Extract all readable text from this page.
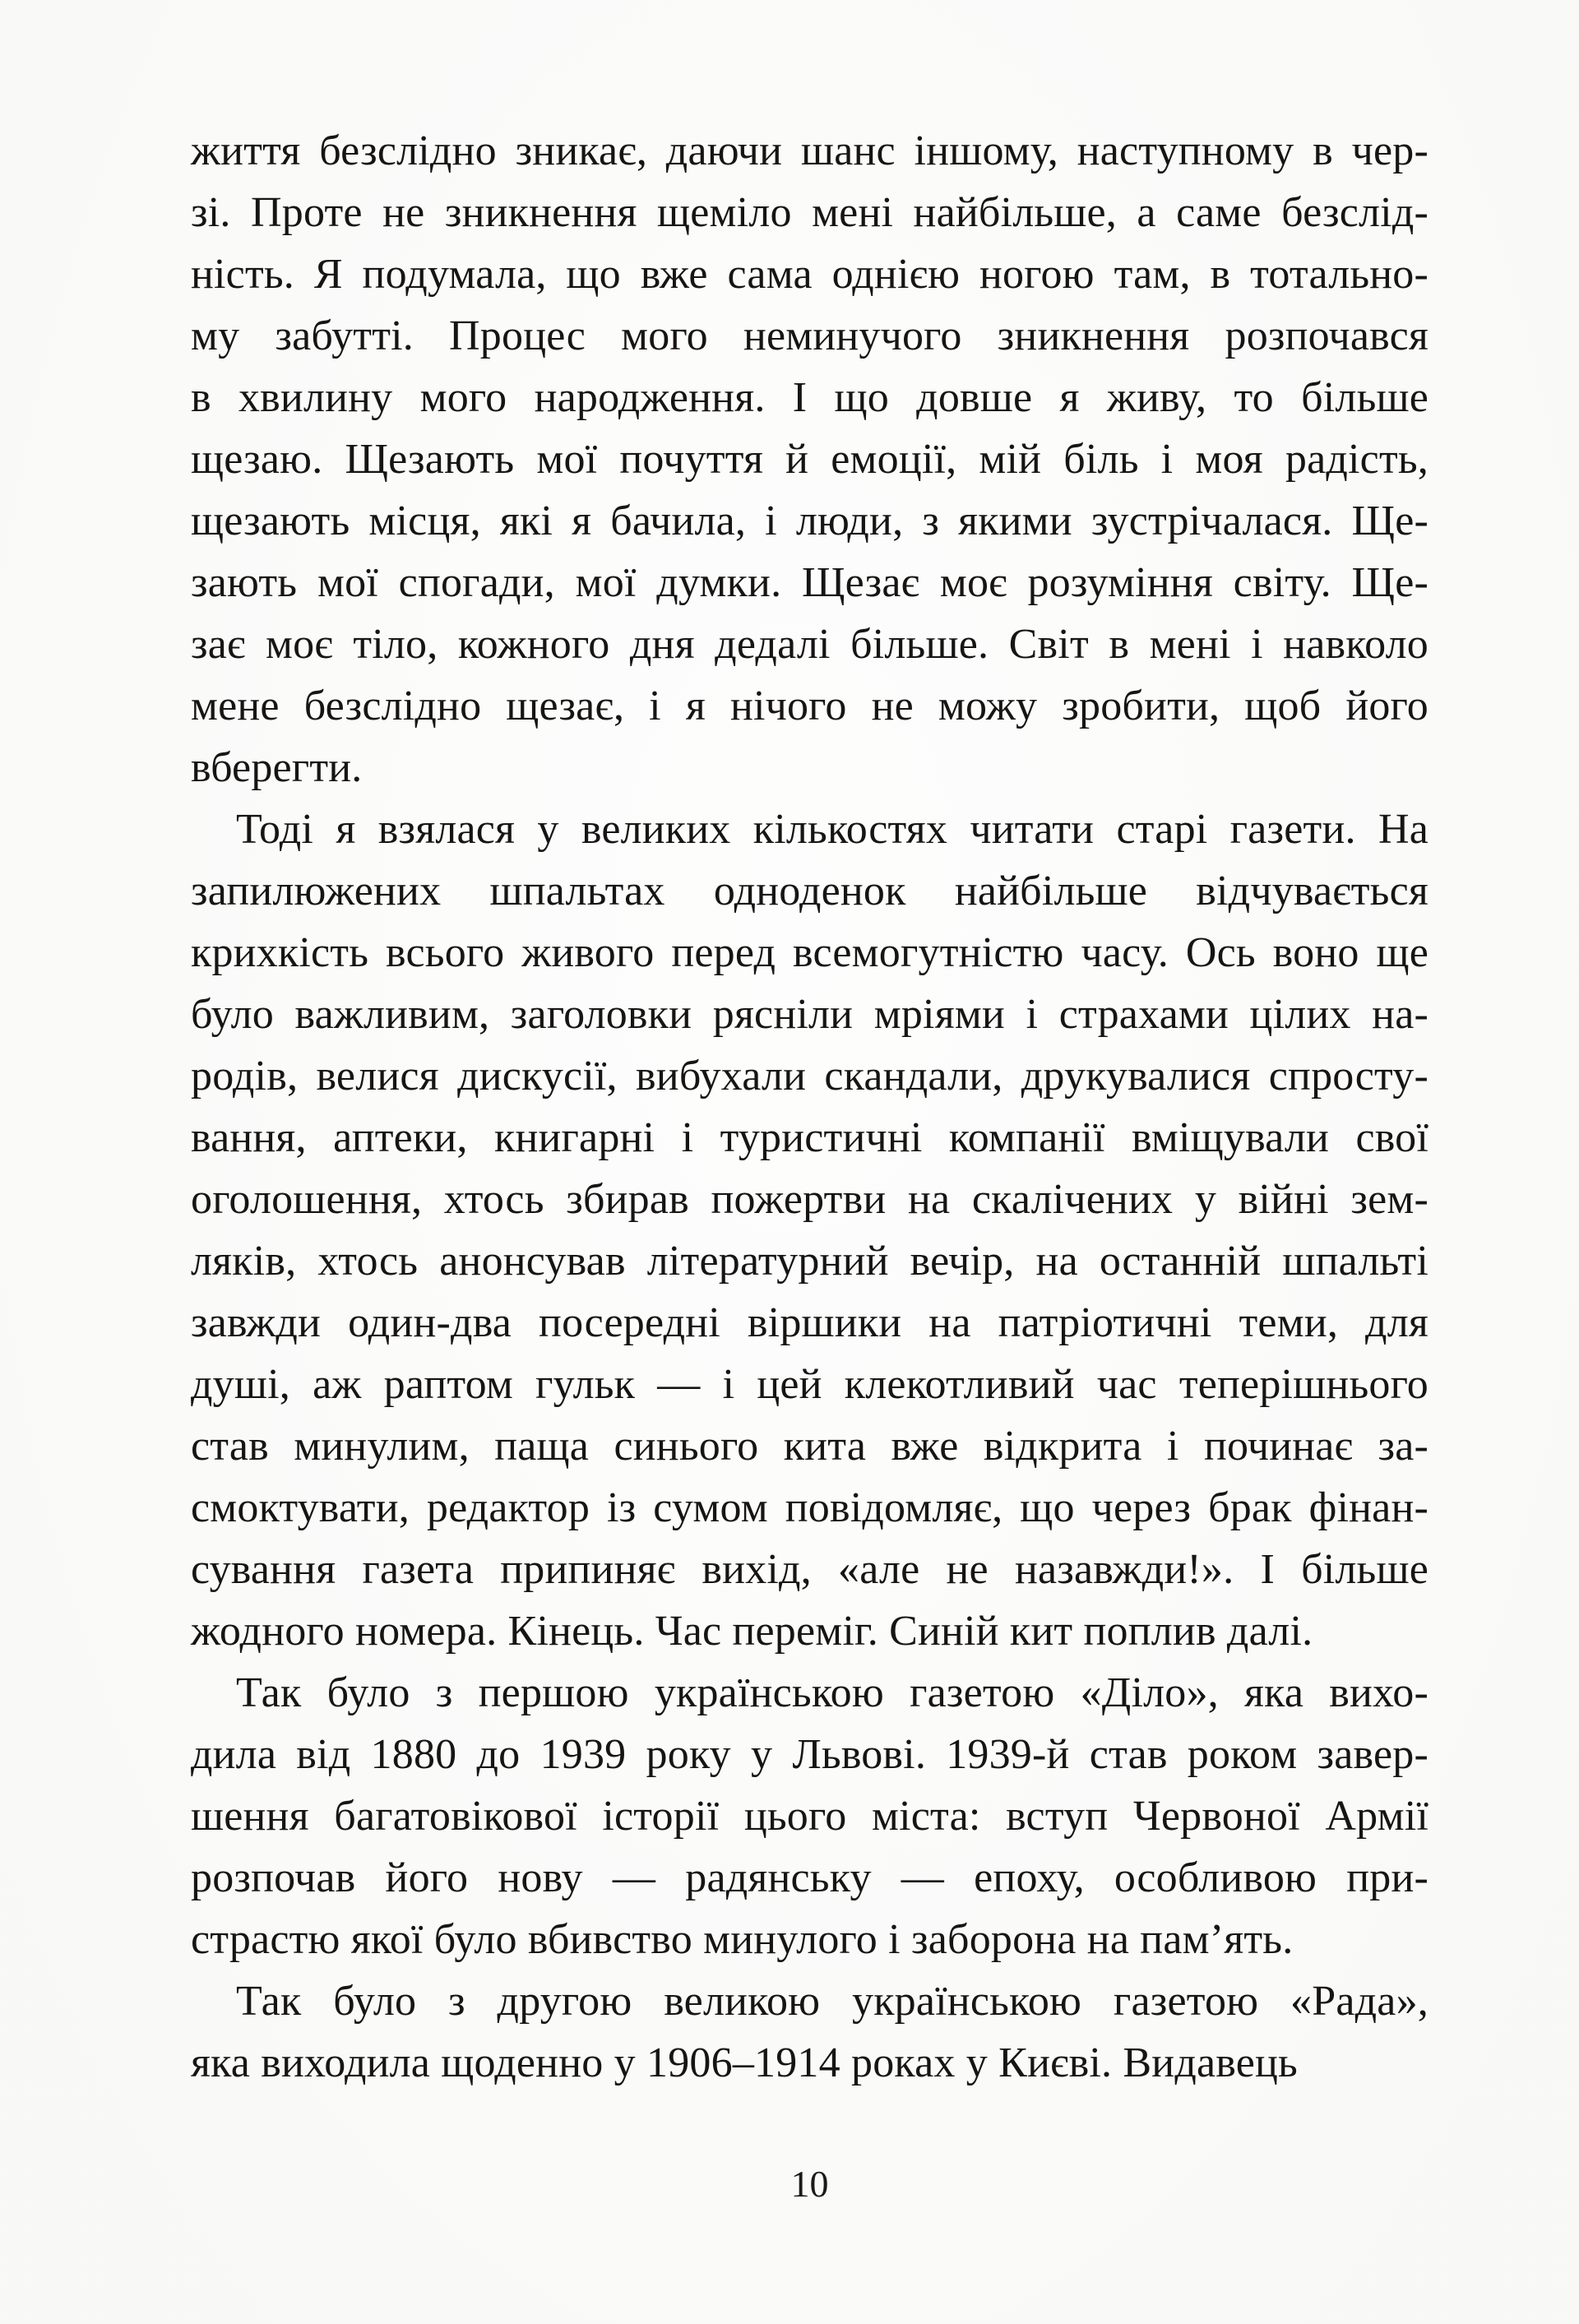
життя безслідно зникає, даючи шанс іншому, наступному в чер-
зі. Проте не зникнення щеміло мені найбільше, а саме безслід-
ність. Я подумала, що вже сама однією ногою там, в тотально-
му забутті. Процес мого неминучого зникнення розпочався
в хвилину мого народження. І що довше я живу, то більше
щезаю. Щезають мої почуття й емоції, мій біль і моя радість,
щезають місця, які я бачила, і люди, з якими зустрічалася. Ще-
зають мої спогади, мої думки. Щезає моє розуміння світу. Ще-
зає моє тіло, кожного дня дедалі більше. Світ в мені і навколо
мене безслідно щезає, і я нічого не можу зробити, щоб його
вберегти.
Тоді я взялася у великих кількостях читати старі газети. На
запилюжених шпальтах одноденок найбільше відчувається
крихкість всього живого перед всемогутністю часу. Ось воно ще
було важливим, заголовки рясніли мріями і страхами цілих на-
родів, велися дискусії, вибухали скандали, друкувалися спросту-
вання, аптеки, книгарні і туристичні компанії вміщували свої
оголошення, хтось збирав пожертви на скалічених у війні зем-
ляків, хтось анонсував літературний вечір, на останній шпальті
завжди один-два посередні віршики на патріотичні теми, для
душі, аж раптом гульк — і цей клекотливий час теперішнього
став минулим, паща синього кита вже відкрита і починає за-
смоктувати, редактор із сумом повідомляє, що через брак фінан-
сування газета припиняє вихід, «але не назавжди!». І більше
жодного номера. Кінець. Час переміг. Синій кит поплив далі.
Так було з першою українською газетою «Діло», яка вихо-
дила від 1880 до 1939 року у Львові. 1939-й став роком завер-
шення багатовікової історії цього міста: вступ Червоної Армії
розпочав його нову — радянську — епоху, особливою при-
страстю якої було вбивство минулого і заборона на пам’ять.
Так було з другою великою українською газетою «Рада»,
яка виходила щоденно у 1906–1914 роках у Києві. Видавець
10
